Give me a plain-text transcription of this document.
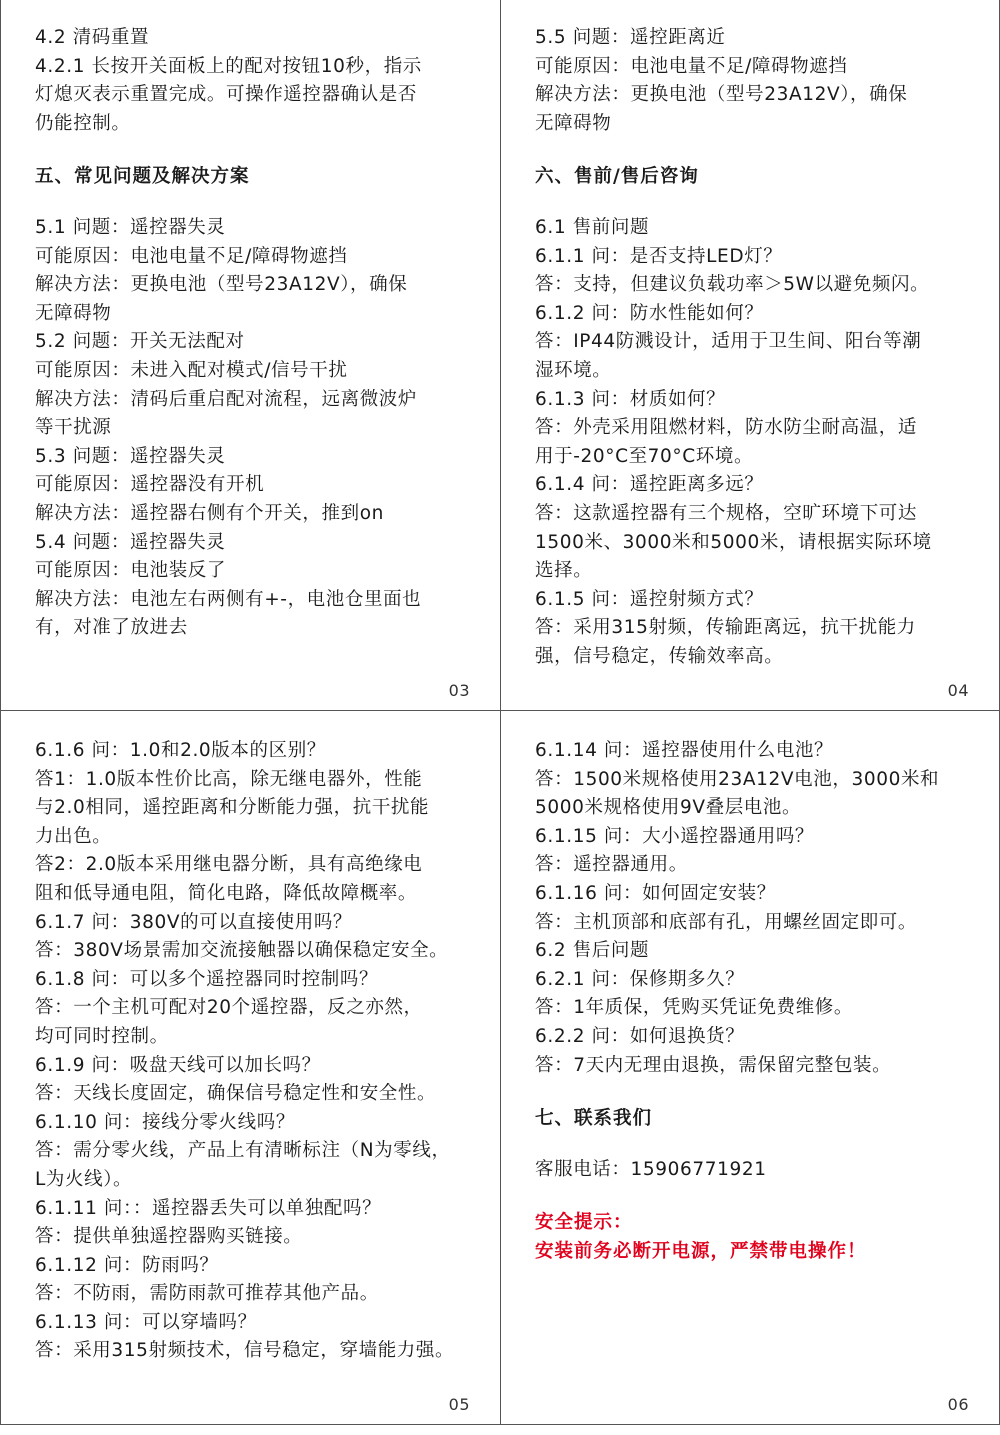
4.2 清码重置
4.2.1 长按开关面板上的配对按钮10秒，指示
灯熄灭表示重置完成。可操作遥控器确认是否
仍能控制。
五、常见问题及解决方案
5.1 问题：遥控器失灵
可能原因：电池电量不足/障碍物遮挡
解决方法：更换电池（型号23A12V），确保
无障碍物
5.2 问题：开关无法配对
可能原因：未进入配对模式/信号干扰
解决方法：清码后重启配对流程，远离微波炉
等干扰源
5.3 问题：遥控器失灵
可能原因：遥控器没有开机
解决方法：遥控器右侧有个开关，推到on
5.4 问题：遥控器失灵
可能原因：电池装反了
解决方法：电池左右两侧有+-，电池仓里面也
有，对准了放进去
03
5.5 问题：遥控距离近
可能原因：电池电量不足/障碍物遮挡
解决方法：更换电池（型号23A12V），确保
无障碍物
六、售前/售后咨询
6.1 售前问题
6.1.1 问：是否支持LED灯？
答：支持，但建议负载功率＞5W以避免频闪。
6.1.2 问：防水性能如何？
答：IP44防溅设计，适用于卫生间、阳台等潮
湿环境。
6.1.3 问：材质如何？
答：外壳采用阻燃材料，防水防尘耐高温，适
用于-20°C至70°C环境。
6.1.4 问：遥控距离多远？
答：这款遥控器有三个规格，空旷环境下可达
1500米、3000米和5000米，请根据实际环境
选择。
6.1.5 问：遥控射频方式？
答：采用315射频，传输距离远，抗干扰能力
强，信号稳定，传输效率高。
04
6.1.6 问：1.0和2.0版本的区别？
答1：1.0版本性价比高，除无继电器外，性能
与2.0相同，遥控距离和分断能力强，抗干扰能
力出色。
答2：2.0版本采用继电器分断，具有高绝缘电
阻和低导通电阻，简化电路，降低故障概率。
6.1.7 问：380V的可以直接使用吗？
答：380V场景需加交流接触器以确保稳定安全。
6.1.8 问：可以多个遥控器同时控制吗？
答：一个主机可配对20个遥控器，反之亦然，
均可同时控制。
6.1.9 问：吸盘天线可以加长吗？
答：天线长度固定，确保信号稳定性和安全性。
6.1.10 问：接线分零火线吗？
答：需分零火线，产品上有清晰标注（N为零线，
L为火线）。
6.1.11 问：：遥控器丢失可以单独配吗？
答：提供单独遥控器购买链接。
6.1.12 问：防雨吗？
答：不防雨，需防雨款可推荐其他产品。
6.1.13 问：可以穿墙吗？
答：采用315射频技术，信号稳定，穿墙能力强。
05
6.1.14 问：遥控器使用什么电池？
答：1500米规格使用23A12V电池，3000米和
5000米规格使用9V叠层电池。
6.1.15 问：大小遥控器通用吗？
答：遥控器通用。
6.1.16 问：如何固定安装？
答：主机顶部和底部有孔，用螺丝固定即可。
6.2 售后问题
6.2.1 问：保修期多久？
答：1年质保，凭购买凭证免费维修。
6.2.2 问：如何退换货？
答：7天内无理由退换，需保留完整包装。
七、联系我们
客服电话：15906771921
安全提示：
安装前务必断开电源，严禁带电操作！
06
